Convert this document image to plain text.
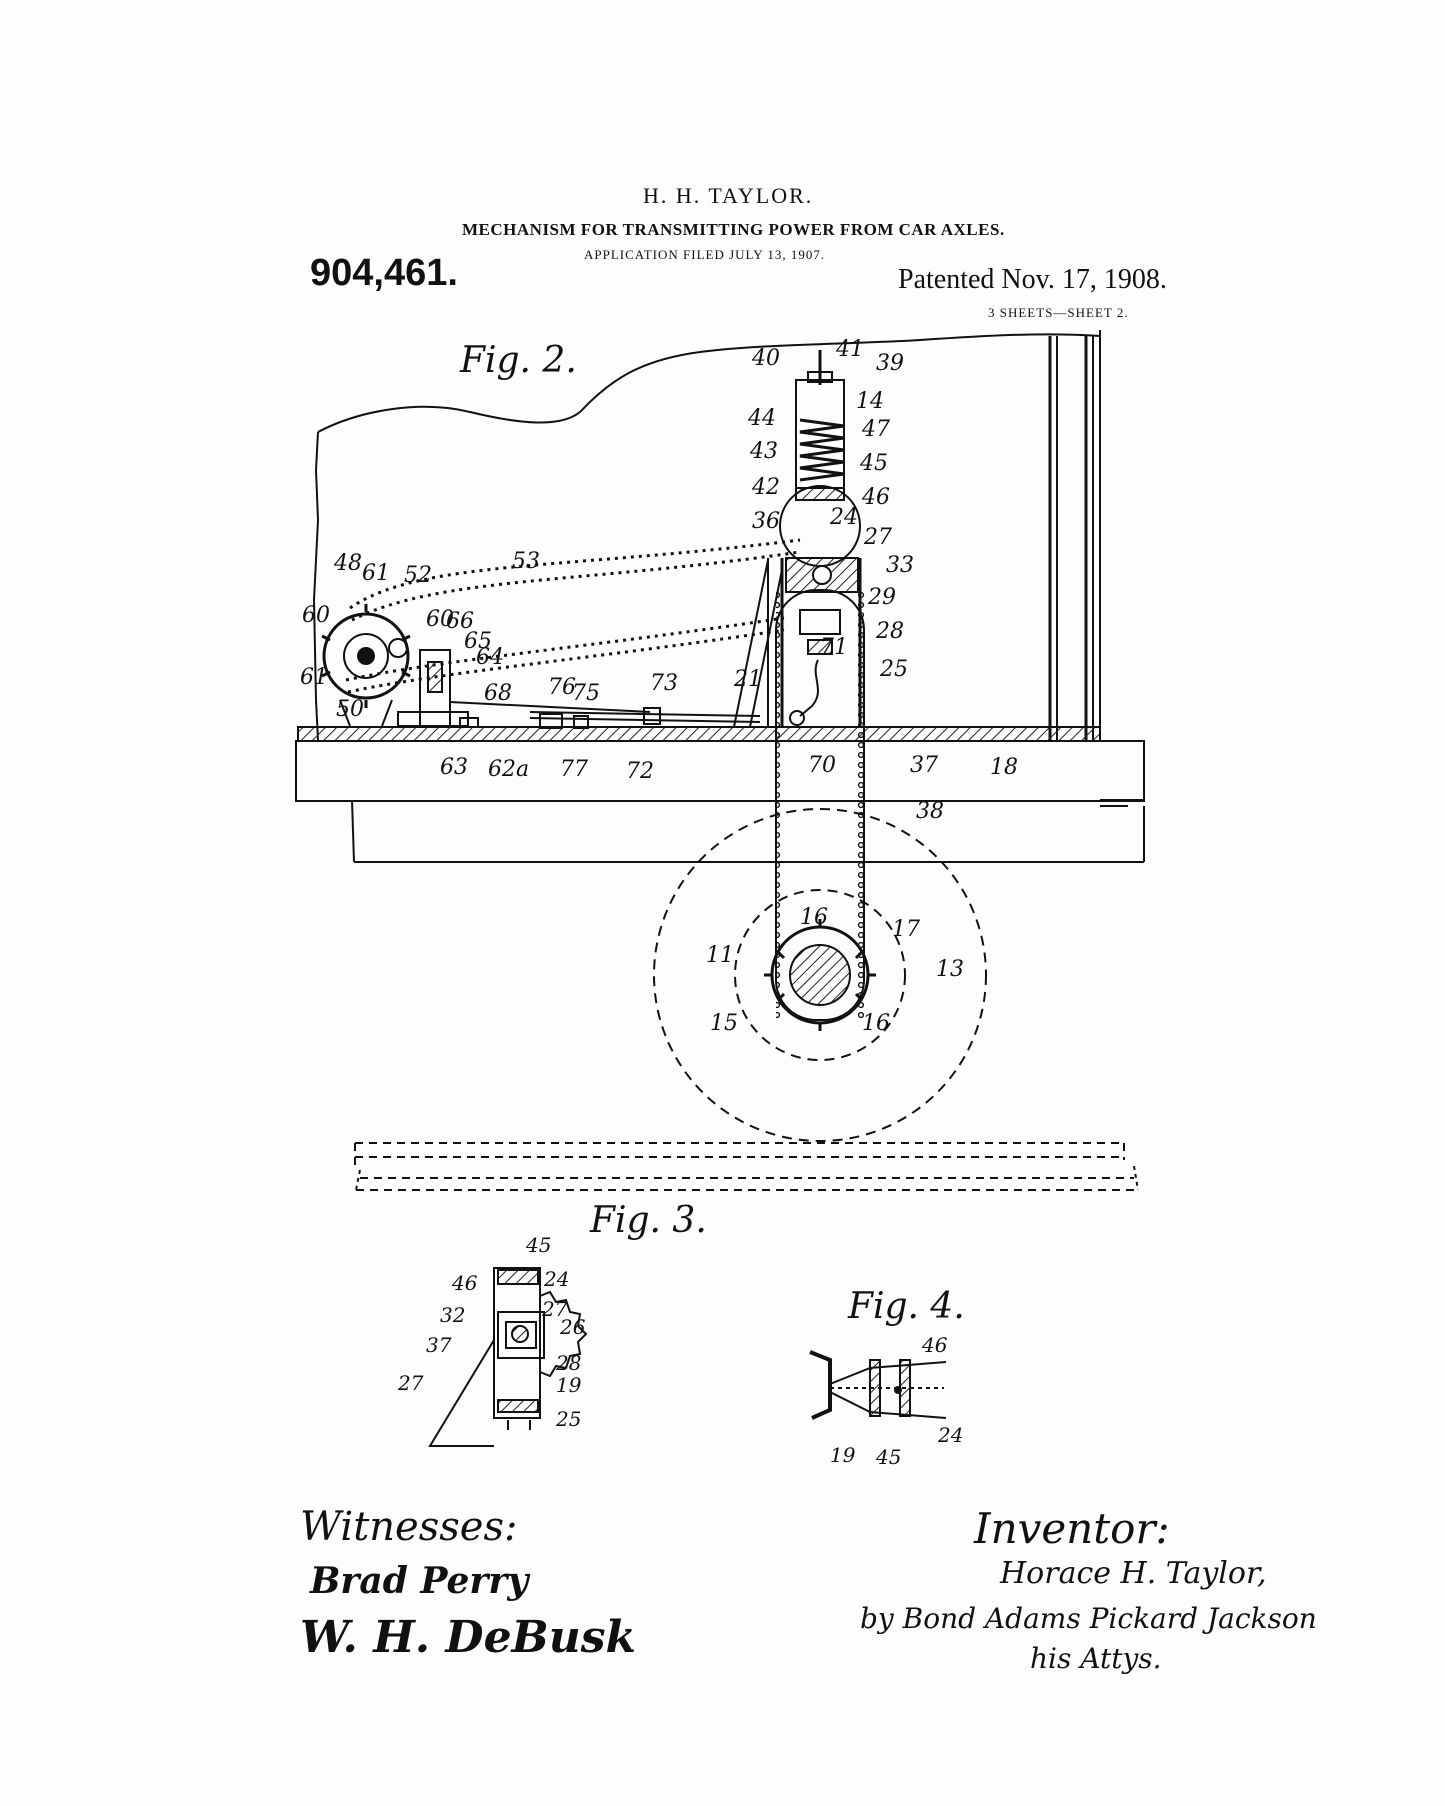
H. H. TAYLOR.
MECHANISM FOR TRANSMITTING POWER FROM CAR AXLES.
APPLICATION FILED JULY 13, 1907.
904,461.	Patented Nov. 17, 1908.
3 SHEETS—SHEET 2.
Fig. 2.
Fig. 3.
Fig. 4.
40	41
39
14
44	47
43	45
42	46
36 24
27
33
53
48 61 52
29
60	60
66	28
65
64	25
71
61	21
50
68 76
75 73
63 62a 77 72	70	37 18
38
16	17
11
13
15	16
45
46	24
27
32	26
37
28
27	19
25
46
19 45
24
Witnesses:
Brad Perry
W. H. DeBusk
Inventor:
Horace H. Taylor,
by Bond Adams Pickard Jackson
his Attys.
